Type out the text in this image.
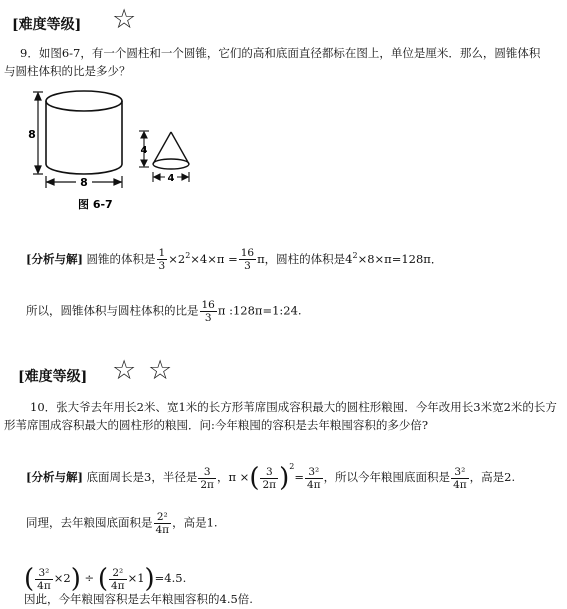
[难度等级] ☆
9．如图6-7，有一个圆柱和一个圆锥，它们的高和底面直径都标在图上，单位是厘米．那么，圆锥体积
与圆柱体积的比是多少？
8
8
4
4
图 6-7
[分析与解] 圆锥的体积是 $\frac{1}{3} \times 2^2\times 4\times\pi = \frac{16}{3}$ π，圆柱的体积是$4^2\times 8\times\pi=128\pi$．
所以，圆锥体积与圆柱体积的比是 $\frac{16}{3}$ π :128π=1:24.
[难度等级] ☆ ☆
10．张大爷去年用长2米、宽1米的长方形苇席围成容积最大的圆柱形粮囤．今年改用长3米宽2米的长方
形苇席围成容积最大的圆柱形的粮囤．问:今年粮囤的容积是去年粮囤容积的多少倍?
[分析与解] 底面周长是3，半径是 $\frac{3}{2\pi}$ ，π ×( $\frac{3}{2\pi} )^2= \frac{\text{3²}}{4\pi}$ ，所以今年粮囤底面积是 $\frac{\text{3²}}{4\pi}$ ，高是2.
同理，去年粮囤底面积是 $\frac{\text{2²}}{4\pi}$ ，高是1.
( $\frac{\text{3²}}{4\pi} \times 2$) ÷ ( $\frac{\text{2²}}{4\pi} \times 1)=4.5$.
因此，今年粮囤容积是去年粮囤容积的4.5倍.
